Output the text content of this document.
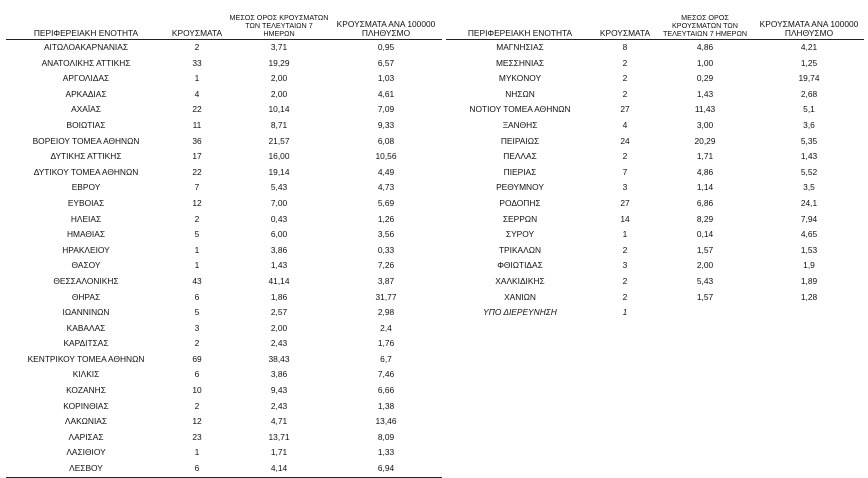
ΠΕΡΙΦΕΡΕΙΑΚΗ ΕΝΟΤΗΤΑ	ΚΡΟΥΣΜΑΤΑ	ΜΕΣΟΣ ΟΡΟΣ ΚΡΟΥΣΜΑΤΩΝ ΤΩΝ ΤΕΛΕΥΤΑΙΩΝ 7 ΗΜΕΡΩΝ	ΚΡΟΥΣΜΑΤΑ ΑΝΑ 100000 ΠΛΗΘΥΣΜΟ
ΑΙΤΩΛΟΑΚΑΡΝΑΝΙΑΣ	2	3,71	0,95
ΑΝΑΤΟΛΙΚΗΣ ΑΤΤΙΚΗΣ	33	19,29	6,57
ΑΡΓΟΛΙΔΑΣ	1	2,00	1,03
ΑΡΚΑΔΙΑΣ	4	2,00	4,61
ΑΧΑΪΑΣ	22	10,14	7,09
ΒΟΙΩΤΙΑΣ	11	8,71	9,33
ΒΟΡΕΙΟΥ ΤΟΜΕΑ ΑΘΗΝΩΝ	36	21,57	6,08
ΔΥΤΙΚΗΣ ΑΤΤΙΚΗΣ	17	16,00	10,56
ΔΥΤΙΚΟΥ ΤΟΜΕΑ ΑΘΗΝΩΝ	22	19,14	4,49
ΕΒΡΟΥ	7	5,43	4,73
ΕΥΒΟΙΑΣ	12	7,00	5,69
ΗΛΕΙΑΣ	2	0,43	1,26
ΗΜΑΘΙΑΣ	5	6,00	3,56
ΗΡΑΚΛΕΙΟΥ	1	3,86	0,33
ΘΑΣΟΥ	1	1,43	7,26
ΘΕΣΣΑΛΟΝΙΚΗΣ	43	41,14	3,87
ΘΗΡΑΣ	6	1,86	31,77
ΙΩΑΝΝΙΝΩΝ	5	2,57	2,98
ΚΑΒΑΛΑΣ	3	2,00	2,4
ΚΑΡΔΙΤΣΑΣ	2	2,43	1,76
ΚΕΝΤΡΙΚΟΥ ΤΟΜΕΑ ΑΘΗΝΩΝ	69	38,43	6,7
ΚΙΛΚΙΣ	6	3,86	7,46
ΚΟΖΑΝΗΣ	10	9,43	6,66
ΚΟΡΙΝΘΙΑΣ	2	2,43	1,38
ΛΑΚΩΝΙΑΣ	12	4,71	13,46
ΛΑΡΙΣΑΣ	23	13,71	8,09
ΛΑΣΙΘΙΟΥ	1	1,71	1,33
ΛΕΣΒΟΥ	6	4,14	6,94
ΠΕΡΙΦΕΡΕΙΑΚΗ ΕΝΟΤΗΤΑ	ΚΡΟΥΣΜΑΤΑ	ΜΕΣΟΣ ΟΡΟΣ ΚΡΟΥΣΜΑΤΩΝ ΤΩΝ ΤΕΛΕΥΤΑΙΩΝ 7 ΗΜΕΡΩΝ	ΚΡΟΥΣΜΑΤΑ ΑΝΑ 100000 ΠΛΗΘΥΣΜΟ
ΜΑΓΝΗΣΙΑΣ	8	4,86	4,21
ΜΕΣΣΗΝΙΑΣ	2	1,00	1,25
ΜΥΚΟΝΟΥ	2	0,29	19,74
ΝΗΣΩΝ	2	1,43	2,68
ΝΟΤΙΟΥ ΤΟΜΕΑ ΑΘΗΝΩΝ	27	11,43	5,1
ΞΑΝΘΗΣ	4	3,00	3,6
ΠΕΙΡΑΙΩΣ	24	20,29	5,35
ΠΕΛΛΑΣ	2	1,71	1,43
ΠΙΕΡΙΑΣ	7	4,86	5,52
ΡΕΘΥΜΝΟΥ	3	1,14	3,5
ΡΟΔΟΠΗΣ	27	6,86	24,1
ΣΕΡΡΩΝ	14	8,29	7,94
ΣΥΡΟΥ	1	0,14	4,65
ΤΡΙΚΑΛΩΝ	2	1,57	1,53
ΦΘΙΩΤΙΔΑΣ	3	2,00	1,9
ΧΑΛΚΙΔΙΚΗΣ	2	5,43	1,89
ΧΑΝΙΩΝ	2	1,57	1,28
ΥΠΟ ΔΙΕΡΕΥΝΗΣΗ	1		
